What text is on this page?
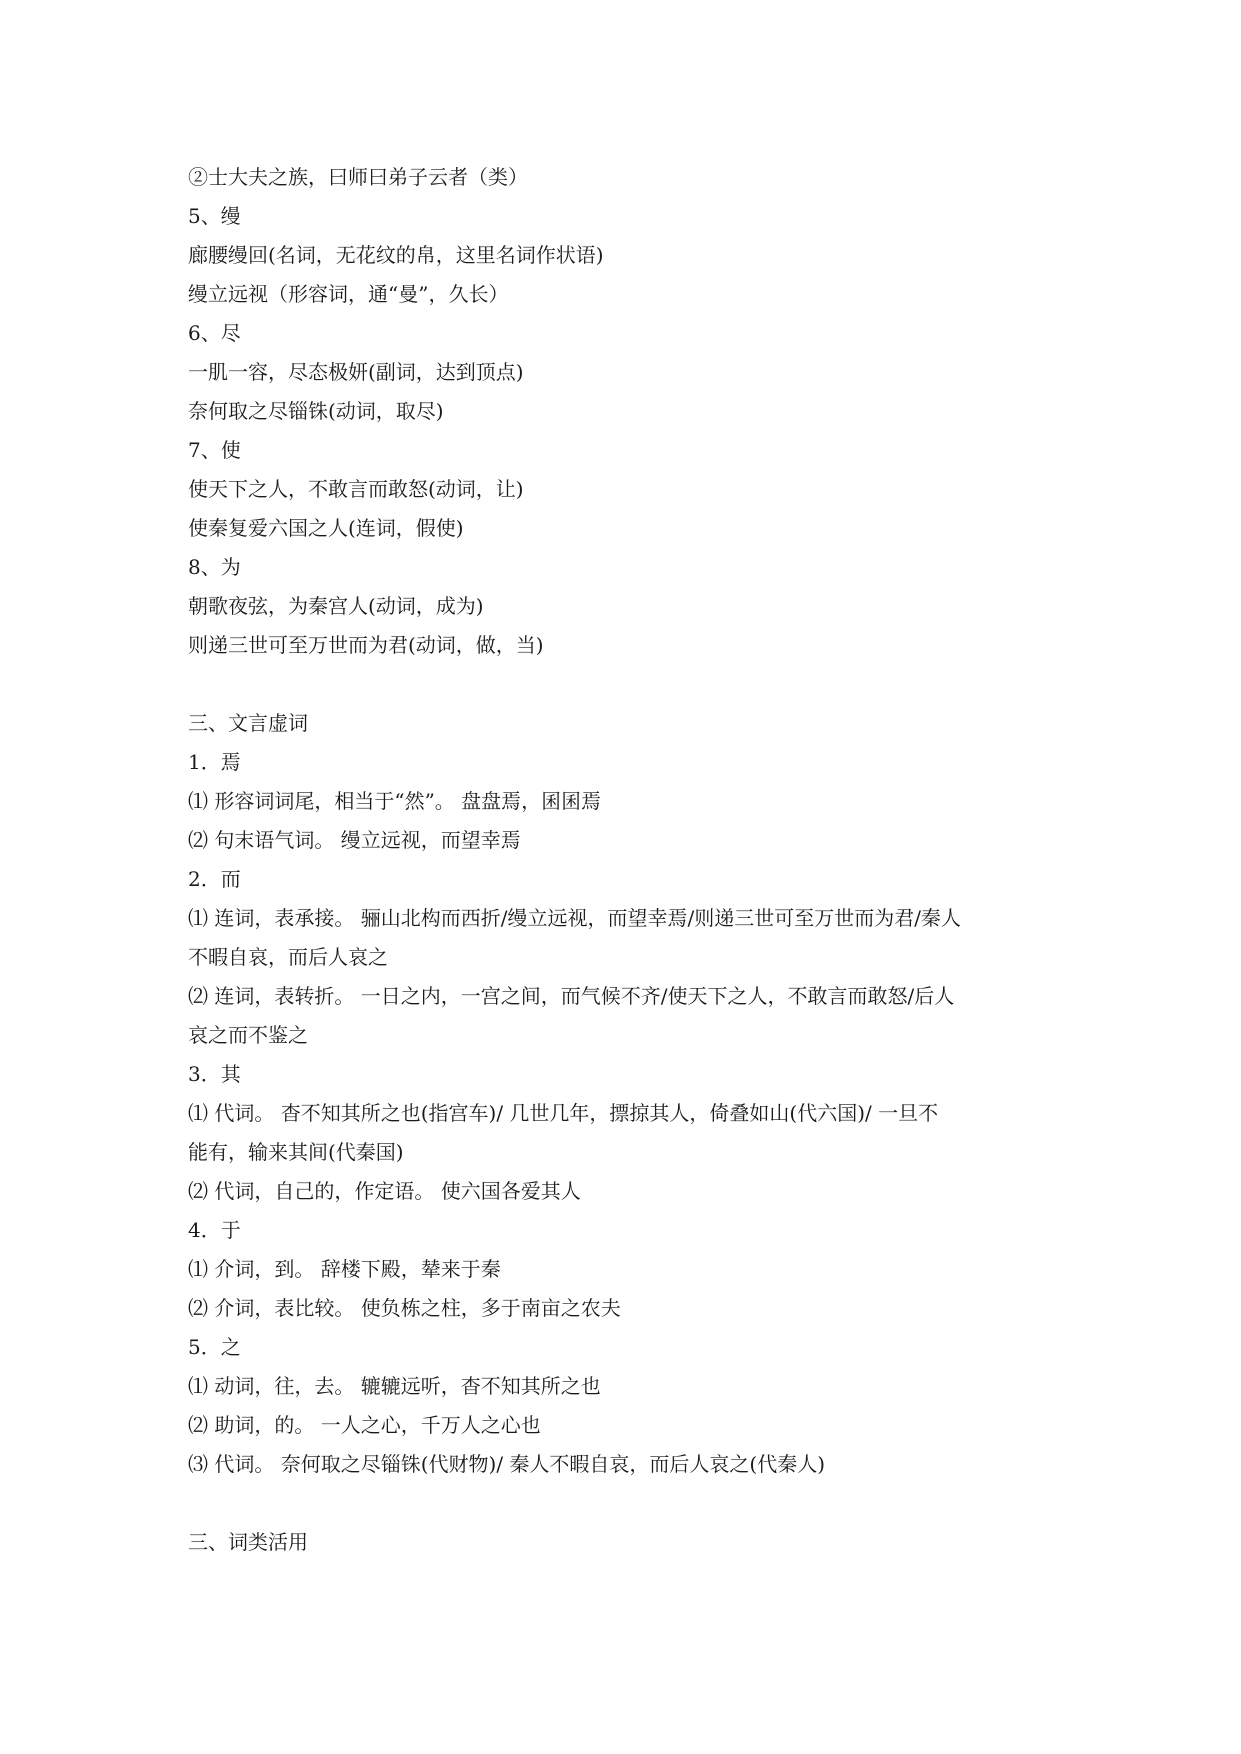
②士大夫之族，曰师曰弟子云者（类）
5、缦
廊腰缦回(名词，无花纹的帛，这里名词作状语)
缦立远视（形容词，通“曼”，久长）
6、尽
一肌一容，尽态极妍(副词，达到顶点)
奈何取之尽锱铢(动词，取尽)
7、使
使天下之人，不敢言而敢怒(动词，让)
使秦复爱六国之人(连词，假使)
8、为
朝歌夜弦，为秦宫人(动词，成为)
则递三世可至万世而为君(动词，做，当)
三、文言虚词
1．焉
⑴ 形容词词尾，相当于“然”。 盘盘焉，囷囷焉
⑵ 句末语气词。 缦立远视，而望幸焉
2．而
⑴ 连词，表承接。 骊山北构而西折/缦立远视，而望幸焉/则递三世可至万世而为君/秦人
不暇自哀，而后人哀之
⑵ 连词，表转折。 一日之内，一宫之间，而气候不齐/使天下之人，不敢言而敢怒/后人
哀之而不鉴之
3．其
⑴ 代词。 杳不知其所之也(指宫车)/ 几世几年，摽掠其人，倚叠如山(代六国)/ 一旦不
能有，输来其间(代秦国)
⑵ 代词，自己的，作定语。 使六国各爱其人
4．于
⑴ 介词，到。 辞楼下殿，辇来于秦
⑵ 介词，表比较。 使负栋之柱，多于南亩之农夫
5．之
⑴ 动词，往，去。 辘辘远听，杳不知其所之也
⑵ 助词，的。 一人之心，千万人之心也
⑶ 代词。 奈何取之尽锱铢(代财物)/ 秦人不暇自哀，而后人哀之(代秦人)
三、词类活用
